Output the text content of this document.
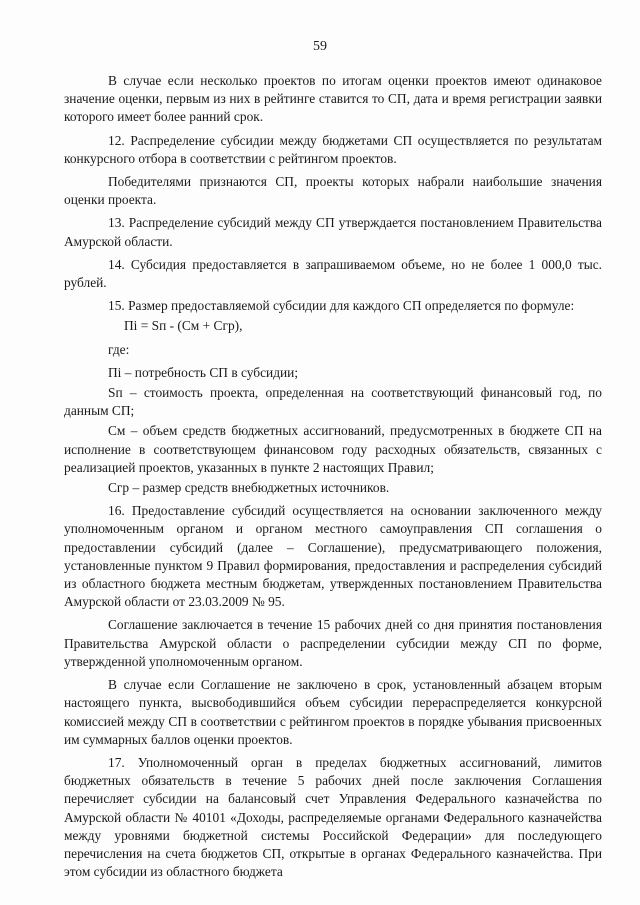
59

В случае если несколько проектов по итогам оценки проектов имеют одинаковое значение оценки, первым из них в рейтинге ставится то СП, дата и время регистрации заявки которого имеет более ранний срок.

12. Распределение субсидии между бюджетами СП осуществляется по результатам конкурсного отбора в соответствии с рейтингом проектов.

Победителями признаются СП, проекты которых набрали наибольшие значения оценки проекта.

13. Распределение субсидий между СП утверждается постановлением Правительства Амурской области.

14. Субсидия предоставляется в запрашиваемом объеме, но не более 1 000,0 тыс. рублей.

15. Размер предоставляемой субсидии для каждого СП определяется по формуле:

Пi = Sп - (См + Сгр),

где:

Пi – потребность СП в субсидии;

Sп – стоимость проекта, определенная на соответствующий финансовый год, по данным СП;

См – объем средств бюджетных ассигнований, предусмотренных в бюджете СП на исполнение в соответствующем финансовом году расходных обязательств, связанных с реализацией проектов, указанных в пункте 2 настоящих Правил;

Сгр – размер средств внебюджетных источников.

16. Предоставление субсидий осуществляется на основании заключенного между уполномоченным органом и органом местного самоуправления СП соглашения о предоставлении субсидий (далее – Соглашение), предусматривающего положения, установленные пунктом 9 Правил формирования, предоставления и распределения субсидий из областного бюджета местным бюджетам, утвержденных постановлением Правительства Амурской области от 23.03.2009 № 95.

Соглашение заключается в течение 15 рабочих дней со дня принятия постановления Правительства Амурской области о распределении субсидии между СП по форме, утвержденной уполномоченным органом.

В случае если Соглашение не заключено в срок, установленный абзацем вторым настоящего пункта, высвободившийся объем субсидии перераспределяется конкурсной комиссией между СП в соответствии с рейтингом проектов в порядке убывания присвоенных им суммарных баллов оценки проектов.

17. Уполномоченный орган в пределах бюджетных ассигнований, лимитов бюджетных обязательств в течение 5 рабочих дней после заключения Соглашения перечисляет субсидии на балансовый счет Управления Федерального казначейства по Амурской области № 40101 «Доходы, распределяемые органами Федерального казначейства между уровнями бюджетной системы Российской Федерации» для последующего перечисления на счета бюджетов СП, открытые в органах Федерального казначейства. При этом субсидии из областного бюджета
